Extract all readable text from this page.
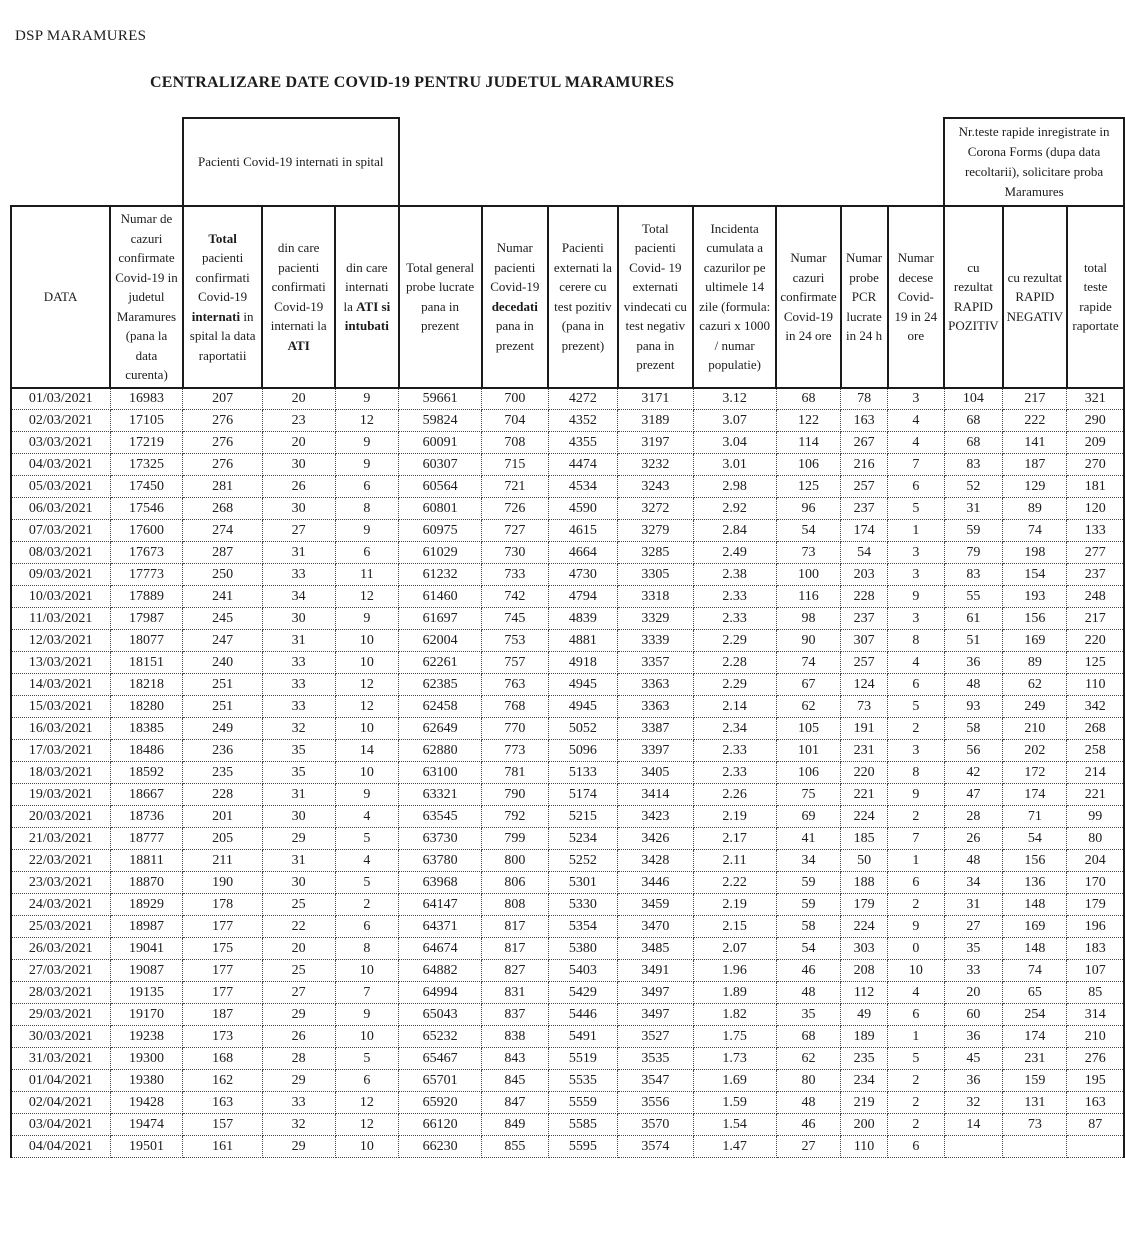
DSP MARAMURES
CENTRALIZARE DATE COVID-19 PENTRU JUDETUL MARAMURES
		Pacienti Covid-19 internati in spital											Nr.teste rapide inregistrate in Corona Forms (dupa data recoltarii), solicitare proba Maramures		
DATA	Numar de cazuri confirmate Covid-19 in judetul Maramures (pana la data curenta)	Total pacienti confirmati Covid-19 internati in spital la data raportatii	din care pacienti confirmati Covid-19 internati la ATI	din care internati la ATI si intubati	Total general probe lucrate pana in prezent	Numar pacienti Covid-19 decedati pana in prezent	Pacienti externati la cerere cu test pozitiv (pana in prezent)	Total pacienti Covid- 19 externati vindecati cu test negativ pana in prezent	Incidenta cumulata a cazurilor pe ultimele 14 zile (formula: cazuri x 1000 / numar populatie)	Numar cazuri confirmate Covid-19 in 24 ore	Numar probe PCR lucrate in 24 h	Numar decese Covid-19 in 24 ore	cu rezultat RAPID POZITIV	cu rezultat RAPID NEGATIV	total teste rapide raportate
01/03/2021	16983	207	20	9	59661	700	4272	3171	3.12	68	78	3	104	217	321
02/03/2021	17105	276	23	12	59824	704	4352	3189	3.07	122	163	4	68	222	290
03/03/2021	17219	276	20	9	60091	708	4355	3197	3.04	114	267	4	68	141	209
04/03/2021	17325	276	30	9	60307	715	4474	3232	3.01	106	216	7	83	187	270
05/03/2021	17450	281	26	6	60564	721	4534	3243	2.98	125	257	6	52	129	181
06/03/2021	17546	268	30	8	60801	726	4590	3272	2.92	96	237	5	31	89	120
07/03/2021	17600	274	27	9	60975	727	4615	3279	2.84	54	174	1	59	74	133
08/03/2021	17673	287	31	6	61029	730	4664	3285	2.49	73	54	3	79	198	277
09/03/2021	17773	250	33	11	61232	733	4730	3305	2.38	100	203	3	83	154	237
10/03/2021	17889	241	34	12	61460	742	4794	3318	2.33	116	228	9	55	193	248
11/03/2021	17987	245	30	9	61697	745	4839	3329	2.33	98	237	3	61	156	217
12/03/2021	18077	247	31	10	62004	753	4881	3339	2.29	90	307	8	51	169	220
13/03/2021	18151	240	33	10	62261	757	4918	3357	2.28	74	257	4	36	89	125
14/03/2021	18218	251	33	12	62385	763	4945	3363	2.29	67	124	6	48	62	110
15/03/2021	18280	251	33	12	62458	768	4945	3363	2.14	62	73	5	93	249	342
16/03/2021	18385	249	32	10	62649	770	5052	3387	2.34	105	191	2	58	210	268
17/03/2021	18486	236	35	14	62880	773	5096	3397	2.33	101	231	3	56	202	258
18/03/2021	18592	235	35	10	63100	781	5133	3405	2.33	106	220	8	42	172	214
19/03/2021	18667	228	31	9	63321	790	5174	3414	2.26	75	221	9	47	174	221
20/03/2021	18736	201	30	4	63545	792	5215	3423	2.19	69	224	2	28	71	99
21/03/2021	18777	205	29	5	63730	799	5234	3426	2.17	41	185	7	26	54	80
22/03/2021	18811	211	31	4	63780	800	5252	3428	2.11	34	50	1	48	156	204
23/03/2021	18870	190	30	5	63968	806	5301	3446	2.22	59	188	6	34	136	170
24/03/2021	18929	178	25	2	64147	808	5330	3459	2.19	59	179	2	31	148	179
25/03/2021	18987	177	22	6	64371	817	5354	3470	2.15	58	224	9	27	169	196
26/03/2021	19041	175	20	8	64674	817	5380	3485	2.07	54	303	0	35	148	183
27/03/2021	19087	177	25	10	64882	827	5403	3491	1.96	46	208	10	33	74	107
28/03/2021	19135	177	27	7	64994	831	5429	3497	1.89	48	112	4	20	65	85
29/03/2021	19170	187	29	9	65043	837	5446	3497	1.82	35	49	6	60	254	314
30/03/2021	19238	173	26	10	65232	838	5491	3527	1.75	68	189	1	36	174	210
31/03/2021	19300	168	28	5	65467	843	5519	3535	1.73	62	235	5	45	231	276
01/04/2021	19380	162	29	6	65701	845	5535	3547	1.69	80	234	2	36	159	195
02/04/2021	19428	163	33	12	65920	847	5559	3556	1.59	48	219	2	32	131	163
03/04/2021	19474	157	32	12	66120	849	5585	3570	1.54	46	200	2	14	73	87
04/04/2021	19501	161	29	10	66230	855	5595	3574	1.47	27	110	6			
